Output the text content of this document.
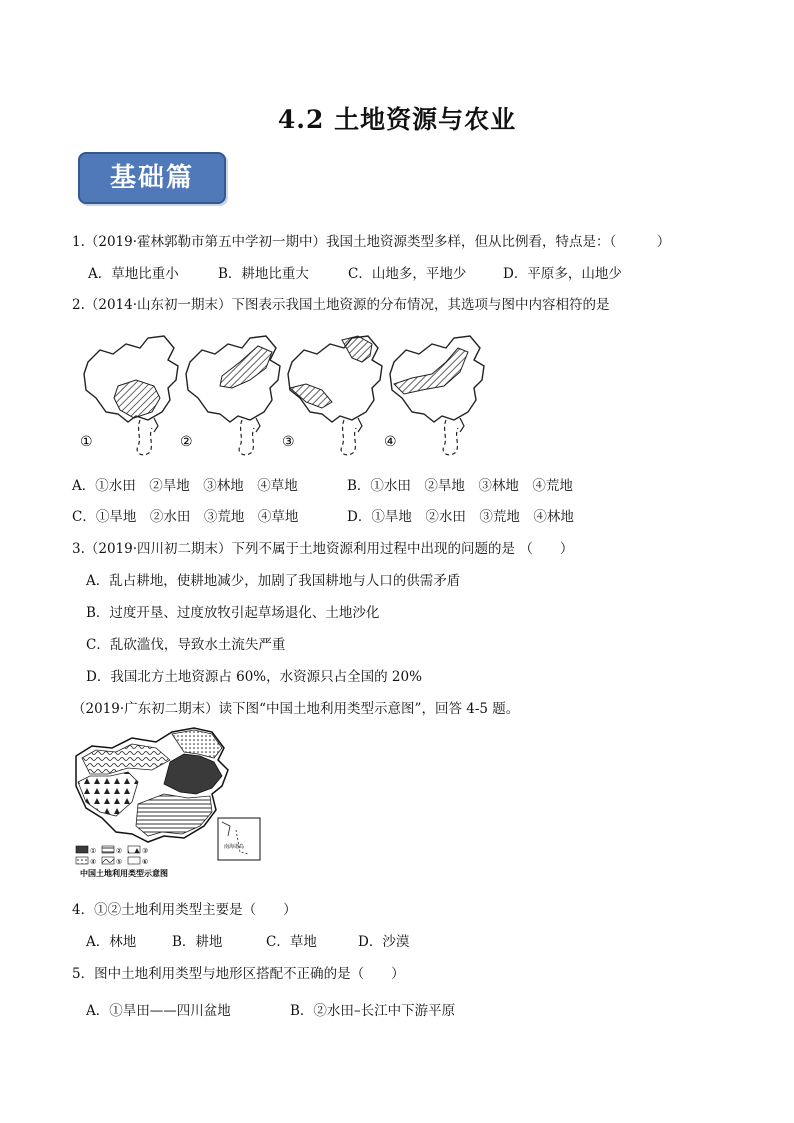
4.2 土地资源与农业
基础篇
1.（2019·霍林郭勒市第五中学初一期中）我国土地资源类型多样，但从比例看，特点是：（　　　）
A．草地比重小	B．耕地比重大	C．山地多，平地少	D．平原多，山地少
2.（2014·山东初一期末）下图表示我国土地资源的分布情况，其选项与图中内容相符的是
①	②	③	④
A．①水田　②旱地　③林地　④草地	B．①水田　②旱地　③林地　④荒地
C．①旱地　②水田　③荒地　④草地	D．①旱地　②水田　③荒地　④林地
3.（2019·四川初二期末）下列不属于土地资源利用过程中出现的问题的是 （　　）
A．乱占耕地，使耕地减少，加剧了我国耕地与人口的供需矛盾
B．过度开垦、过度放牧引起草场退化、土地沙化
C．乱砍滥伐，导致水土流失严重
D．我国北方土地资源占 60%，水资源只占全国的 20%
（2019·广东初二期末）读下图“中国土地利用类型示意图”，回答 4-5 题。
①	②	③
④	⑤	⑥
南海诸岛
中国土地利用类型示意图
4．①②土地利用类型主要是（　　）
A．林地	B．耕地	C．草地	D．沙漠
5．图中土地利用类型与地形区搭配不正确的是（　　）
A．①旱田——四川盆地	B．②水田–长江中下游平原
